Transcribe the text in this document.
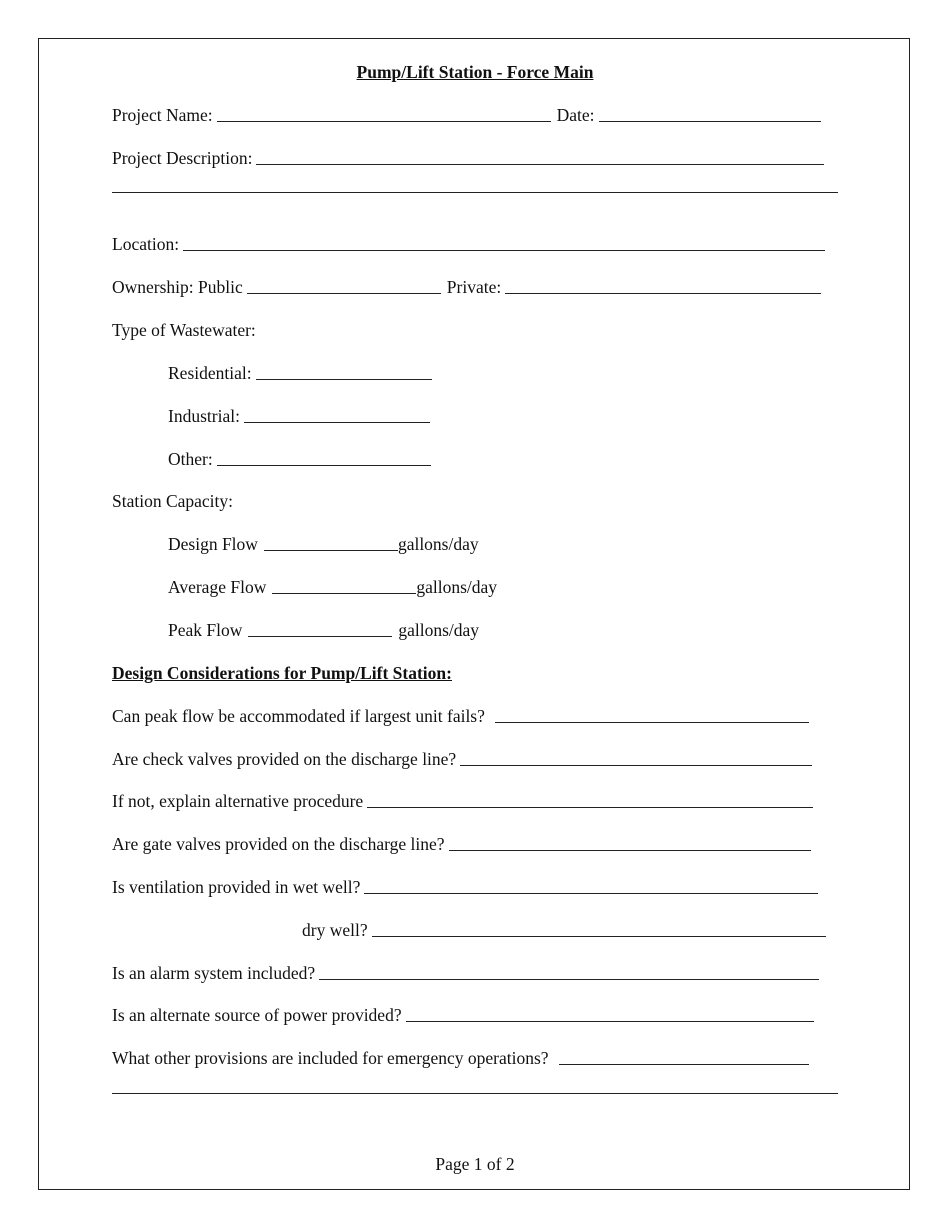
Pump/Lift Station - Force Main
Project Name:	Date:
Project Description:
Location:
Ownership: Public	Private:
Type of Wastewater:
Residential:
Industrial:
Other:
Station Capacity:
Design Flow	gallons/day
Average Flow	gallons/day
Peak Flow	gallons/day
Design Considerations for Pump/Lift Station:
Can peak flow be accommodated if largest unit fails?
Are check valves provided on the discharge line?
If not, explain alternative procedure
Are gate valves provided on the discharge line?
Is ventilation provided in wet well?
dry well?
Is an alarm system included?
Is an alternate source of power provided?
What other provisions are included for emergency operations?
Page 1 of 2
